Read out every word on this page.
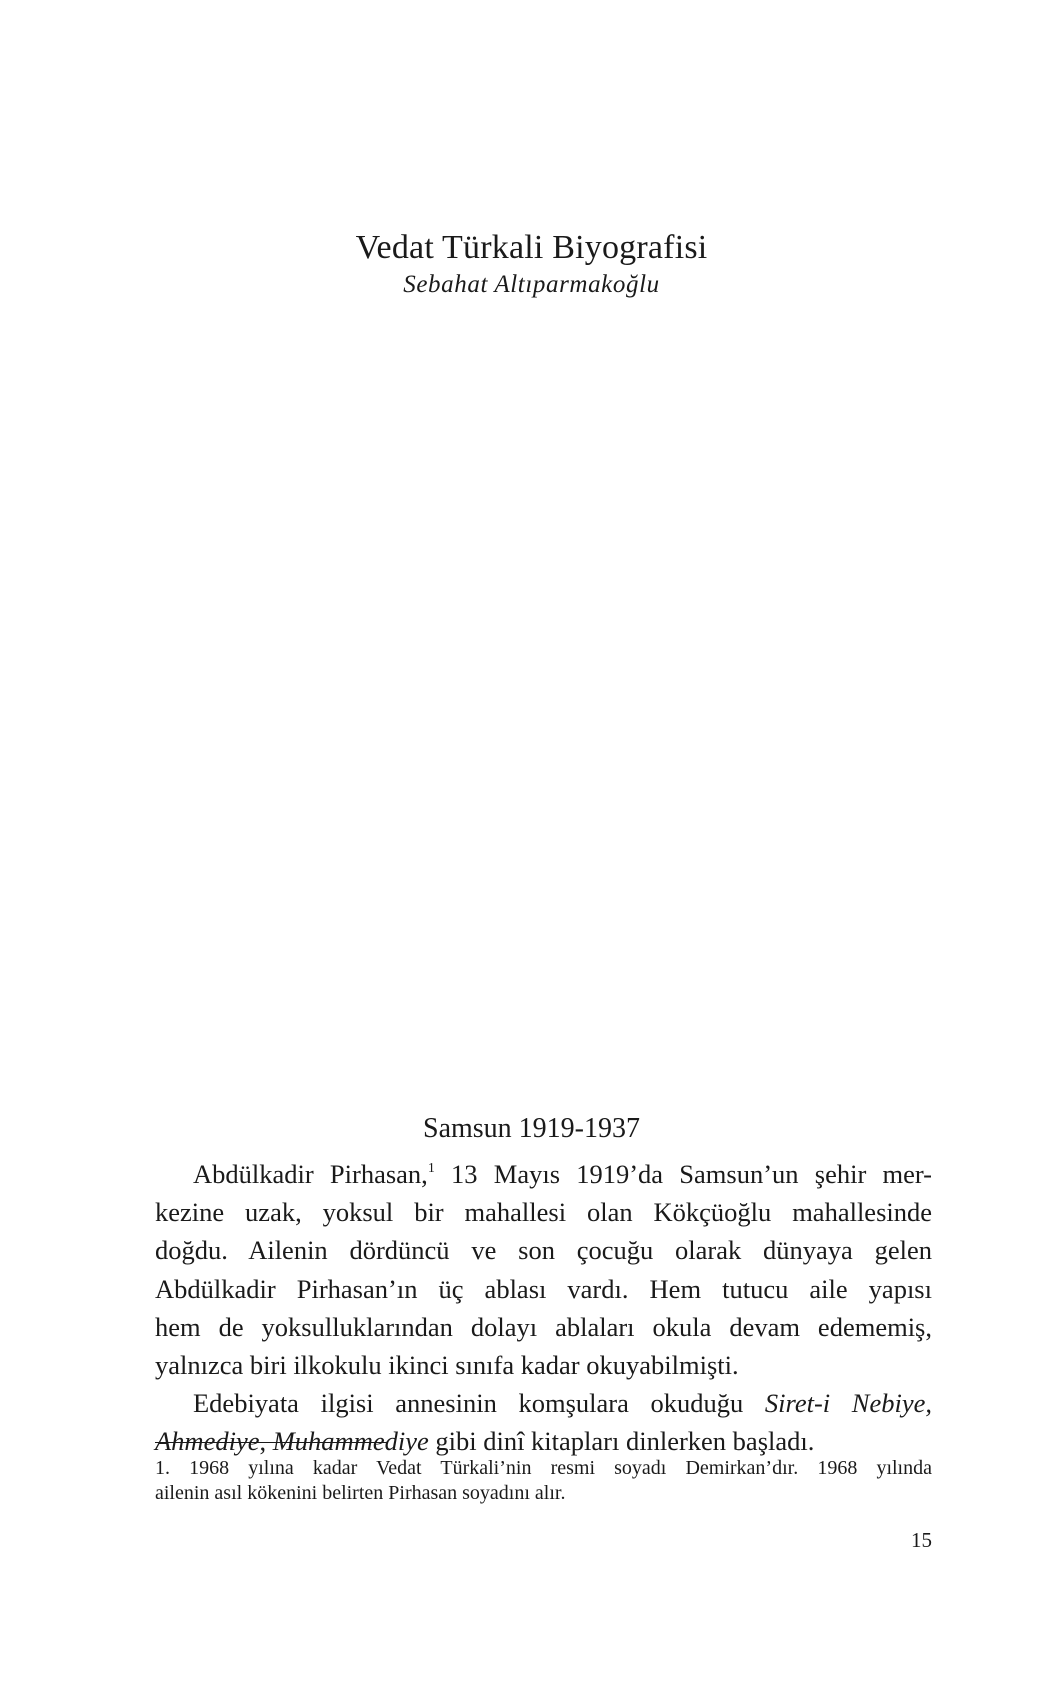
Vedat Türkali Biyografisi
Sebahat Altıparmakoğlu
Samsun 1919-1937
Abdülkadir Pirhasan,$^1$ 13 Mayıs 1919’da Samsun’un şehir mer-
kezine uzak, yoksul bir mahallesi olan Kökçüoğlu mahallesinde
doğdu. Ailenin dördüncü ve son çocuğu olarak dünyaya gelen
Abdülkadir Pirhasan’ın üç ablası vardı. Hem tutucu aile yapısı
hem de yoksulluklarından dolayı ablaları okula devam edememiş,
yalnızca biri ilkokulu ikinci sınıfa kadar okuyabilmişti.
Edebiyata ilgisi annesinin komşulara okuduğu Siret-i Nebiye,
Ahmediye, Muhammediye gibi dinî kitapları dinlerken başladı.
1. 1968 yılına kadar Vedat Türkali’nin resmi soyadı Demirkan’dır. 1968 yılında
ailenin asıl kökenini belirten Pirhasan soyadını alır.
15
